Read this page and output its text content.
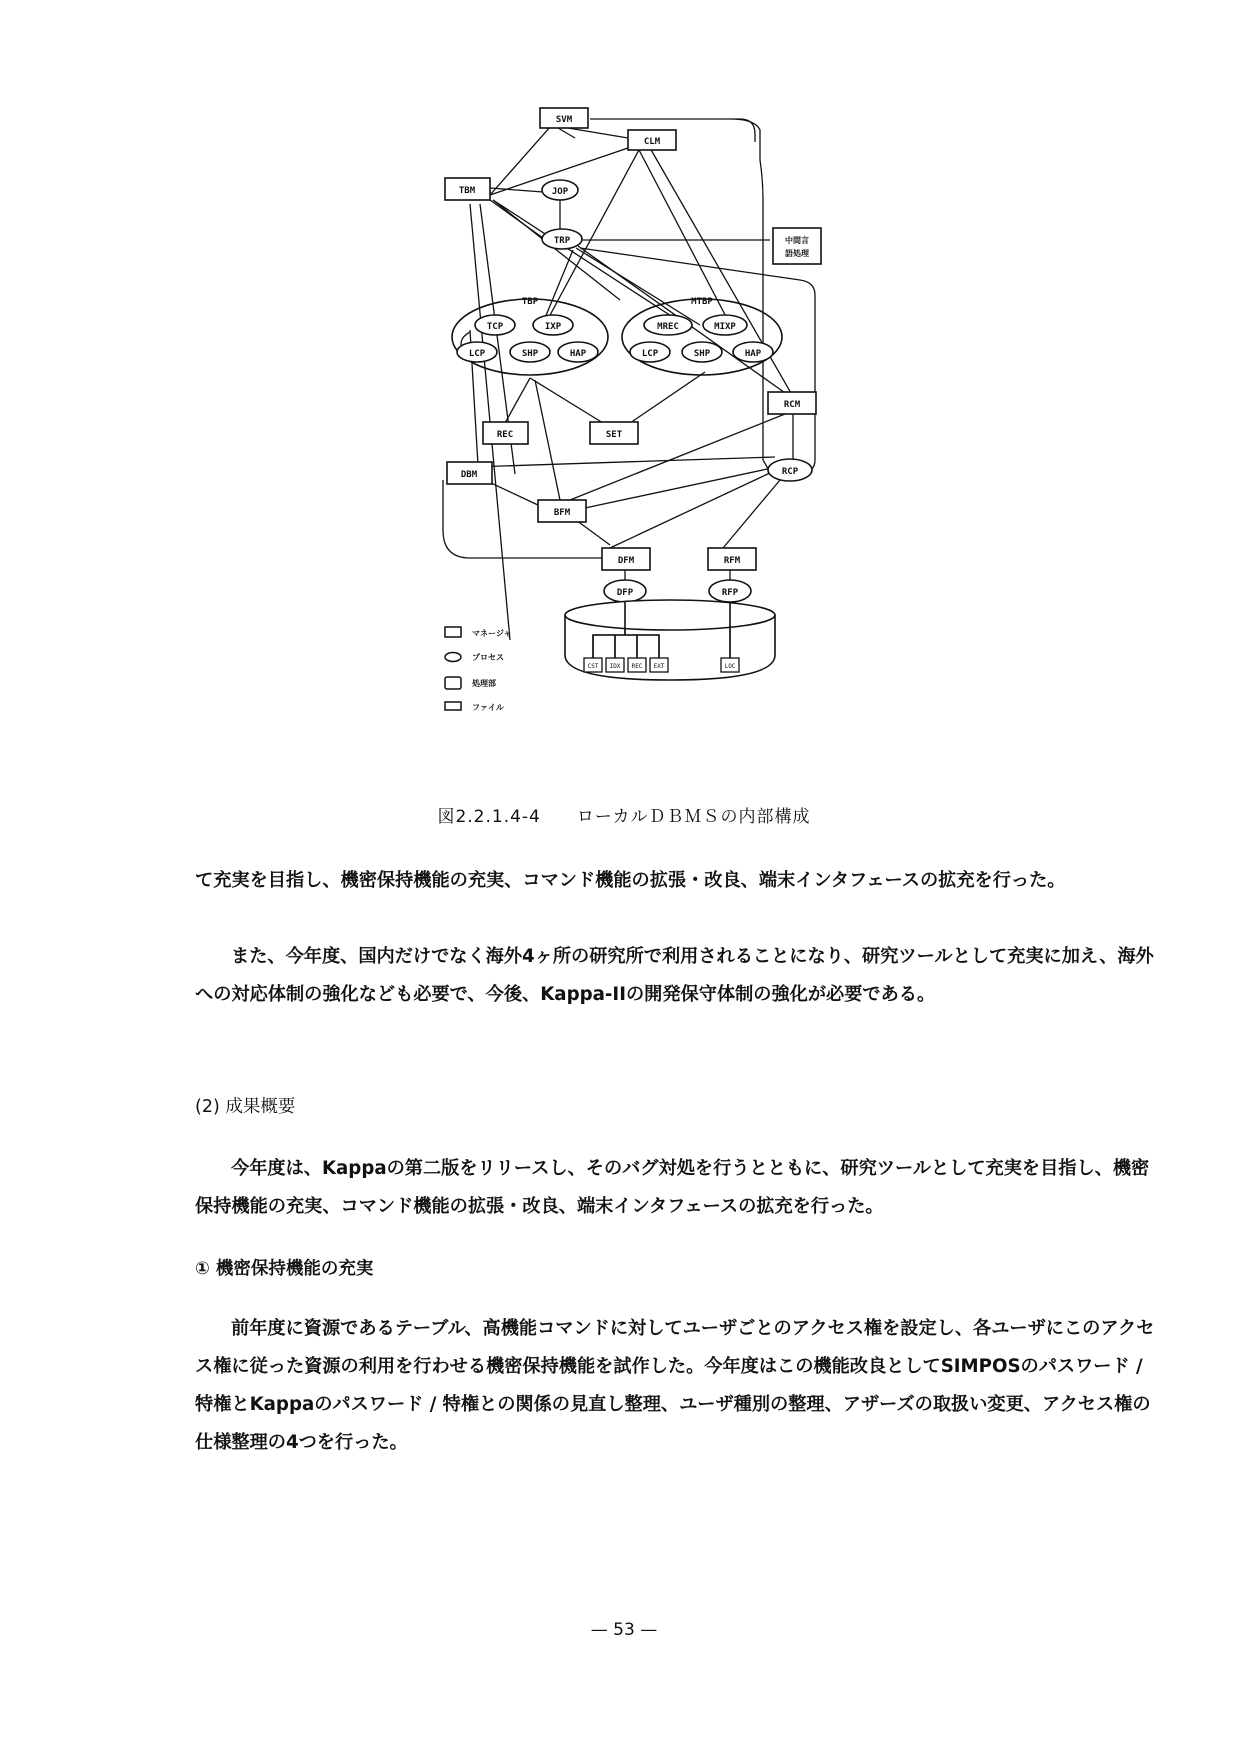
SVM
CLM
TBM	JOP
TRP	中間言
語処理
TBP	MTBP
TCP	IXP
LCP	SHP	HAP
MREC	MIXP
LCP	SHP	HAP
RCM
REC	SET
DBM	RCP
BFM
DFM	RFM
DFP	RFP
CST IDX REC EXT	LOC
マネージャ
プロセス
処理部
ファイル
図2.2.1.4-4　　ローカルＤＢＭＳの内部構成

て充実を目指し、機密保持機能の充実、コマンド機能の拡張・改良、端末インタフェースの拡充を行った。

また、今年度、国内だけでなく海外4ヶ所の研究所で利用されることになり、研究ツールとして充実に加え、海外への対応体制の強化なども必要で、今後、Kappa-IIの開発保守体制の強化が必要である。

(2) 成果概要

今年度は、Kappaの第二版をリリースし、そのバグ対処を行うとともに、研究ツールとして充実を目指し、機密保持機能の充実、コマンド機能の拡張・改良、端末インタフェースの拡充を行った。

① 機密保持機能の充実

前年度に資源であるテーブル、高機能コマンドに対してユーザごとのアクセス権を設定し、各ユーザにこのアクセス権に従った資源の利用を行わせる機密保持機能を試作した。今年度はこの機能改良としてSIMPOSのパスワード / 特権とKappaのパスワード / 特権との関係の見直し整理、ユーザ種別の整理、アザーズの取扱い変更、アクセス権の仕様整理の4つを行った。

— 53 —
